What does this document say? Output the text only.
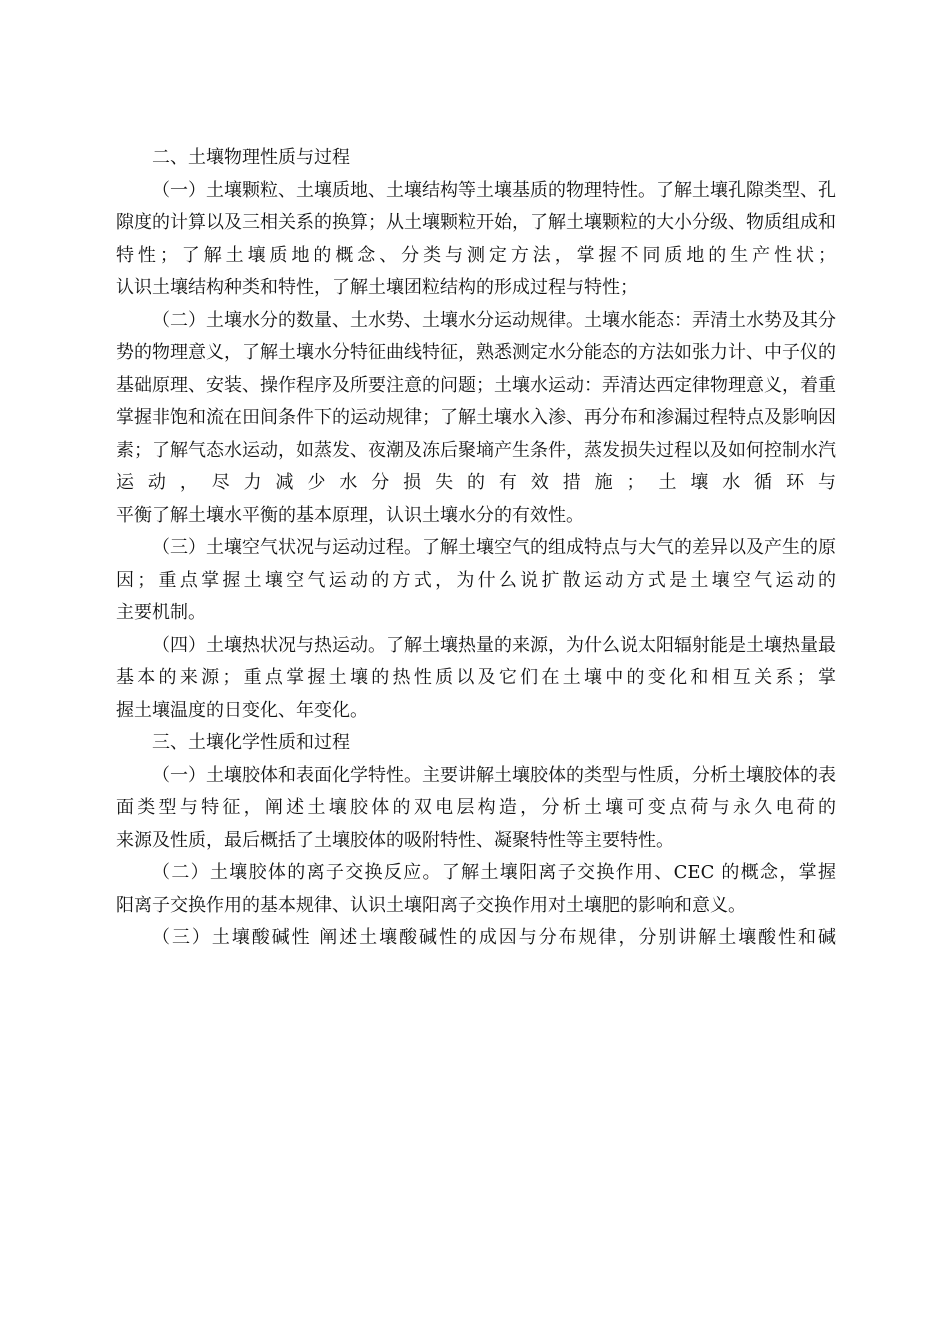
二、土壤物理性质与过程

（一）土壤颗粒、土壤质地、土壤结构等土壤基质的物理特性。了解土壤孔隙类型、孔隙度的计算以及三相关系的换算；从土壤颗粒开始，了解土壤颗粒的大小分级、物质组成和特性；了解土壤质地的概念、分类与测定方法，掌握不同质地的生产性状；
认识土壤结构种类和特性，了解土壤团粒结构的形成过程与特性；

（二）土壤水分的数量、土水势、土壤水分运动规律。土壤水能态：弄清土水势及其分势的物理意义，了解土壤水分特征曲线特征，熟悉测定水分能态的方法如张力计、中子仪的基础原理、安装、操作程序及所要注意的问题；土壤水运动：弄清达西定律物理意义，着重掌握非饱和流在田间条件下的运动规律；了解土壤水入渗、再分布和渗漏过程特点及影响因素；了解气态水运动，如蒸发、夜潮及冻后聚墒产生条件，蒸发损失过程以及如何控制水汽运动，尽力减少水分损失的有效措施；土壤水循环与
平衡了解土壤水平衡的基本原理，认识土壤水分的有效性。

（三）土壤空气状况与运动过程。了解土壤空气的组成特点与大气的差异以及产生的原因；重点掌握土壤空气运动的方式，为什么说扩散运动方式是土壤空气运动的
主要机制。

（四）土壤热状况与热运动。了解土壤热量的来源，为什么说太阳辐射能是土壤热量最基本的来源；重点掌握土壤的热性质以及它们在土壤中的变化和相互关系；掌
握土壤温度的日变化、年变化。

三、土壤化学性质和过程

（一）土壤胶体和表面化学特性。主要讲解土壤胶体的类型与性质，分析土壤胶体的表面类型与特征，阐述土壤胶体的双电层构造，分析土壤可变点荷与永久电荷的
来源及性质，最后概括了土壤胶体的吸附特性、凝聚特性等主要特性。

（二）土壤胶体的离子交换反应。了解土壤阳离子交换作用、CEC 的概念，掌握
阳离子交换作用的基本规律、认识土壤阳离子交换作用对土壤肥的影响和意义。

（三）土壤酸碱性 阐述土壤酸碱性的成因与分布规律，分别讲解土壤酸性和碱
